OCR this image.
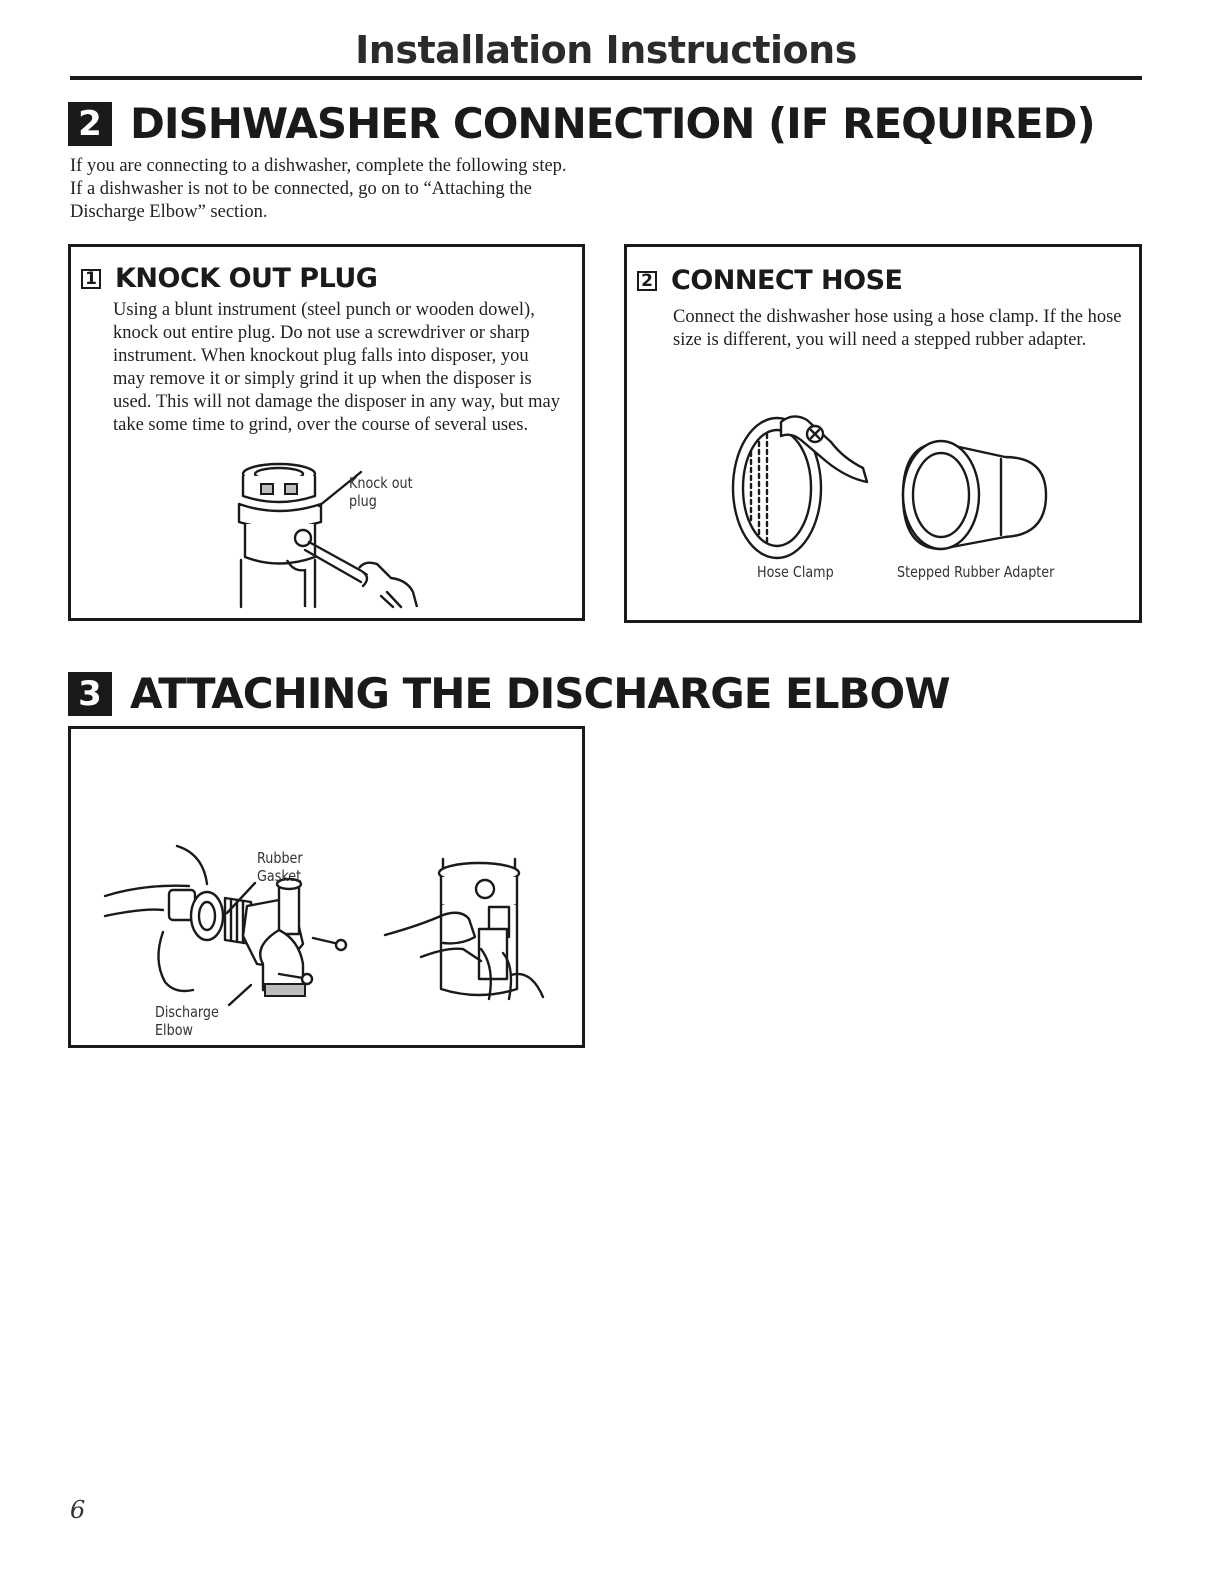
Installation Instructions
2 DISHWASHER CONNECTION (IF REQUIRED)
If you are connecting to a dishwasher, complete the following step. If a dishwasher is not to be connected, go on to “Attaching the Discharge Elbow” section.
1 KNOCK OUT PLUG
Using a blunt instrument (steel punch or wooden dowel), knock out entire plug. Do not use a screwdriver or sharp instrument. When knockout plug falls into disposer, you may remove it or simply grind it up when the disposer is used. This will not damage the disposer in any way, but may take some time to grind, over the course of several uses.
Knock out
plug
2 CONNECT HOSE
Connect the dishwasher hose using a hose clamp. If the hose size is different, you will need a stepped rubber adapter.
Hose Clamp	Stepped Rubber Adapter
3 ATTACHING THE DISCHARGE ELBOW
Rubber
Gasket
Discharge
Elbow
6
